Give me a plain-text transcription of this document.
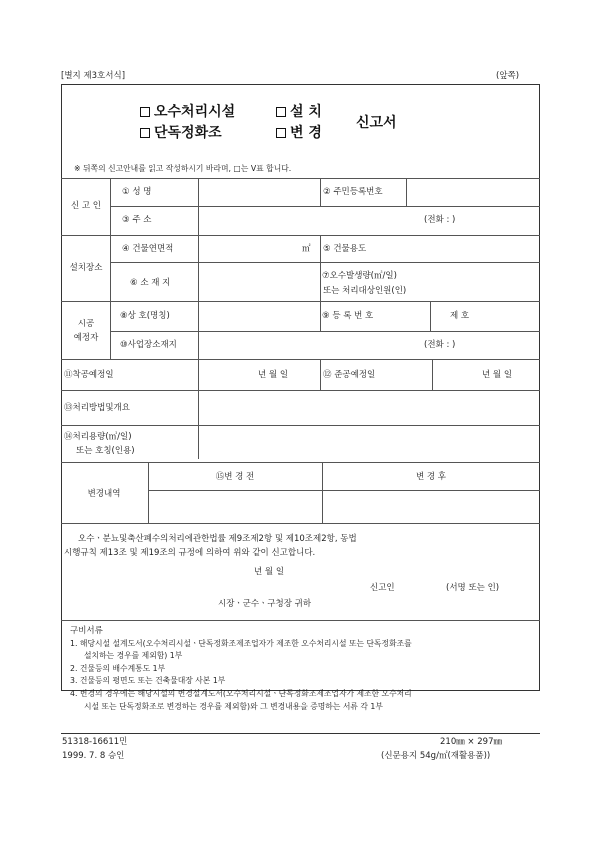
[별지 제3호서식]	(앞쪽)
오수처리시설
단독정화조
설 치
변 경
신고서
※ 뒤쪽의 신고안내를 읽고 작성하시기 바라며, □는 V표 합니다.
신 고 인
① 성 명	② 주민등록번호
③ 주 소	(전화 : )
설치장소
④ 건물연면적	㎡ ⑤ 건물용도
⑥ 소 재 지
⑦오수발생량(㎥/일)
또는 처리대상인원(인)
시공
예정자
⑧상 호(명칭)	⑨ 등 록 번 호	제 호
⑩사업장소재지	(전화 : )
⑪착공예정일	년 월 일	⑫ 준공예정일	년 월 일
⑬처리방법및개요
⑭처리용량(㎥/일)
또는 호칭(인용)
변경내역
⑮변 경 전	변 경 후
오수ㆍ분뇨및축산폐수의처리에관한법률 제9조제2항 및 제10조제2항, 동법
시행규칙 제13조 및 제19조의 규정에 의하여 위와 같이 신고합니다.
년 월 일
신고인	(서명 또는 인)
시장ㆍ군수ㆍ구청장 귀하
구비서류
1. 해당시설 설계도서(오수처리시설ㆍ단독정화조제조업자가 제조한 오수처리시설 또는 단독정화조를
설치하는 경우를 제외함) 1부
2. 건물등의 배수계통도 1부
3. 건물등의 평면도 또는 건축물대장 사본 1부
4. 변경의 경우에는 해당시설의 변경설계도서(오수처리시설ㆍ단독정화조제조업자가 제조한 오수처리
시설 또는 단독정화조로 변경하는 경우를 제외함)와 그 변경내용을 증명하는 서류 각 1부
51318-16611민
1999. 7. 8 승인
210㎜ × 297㎜
(신문용지 54g/㎡(재활용품))
